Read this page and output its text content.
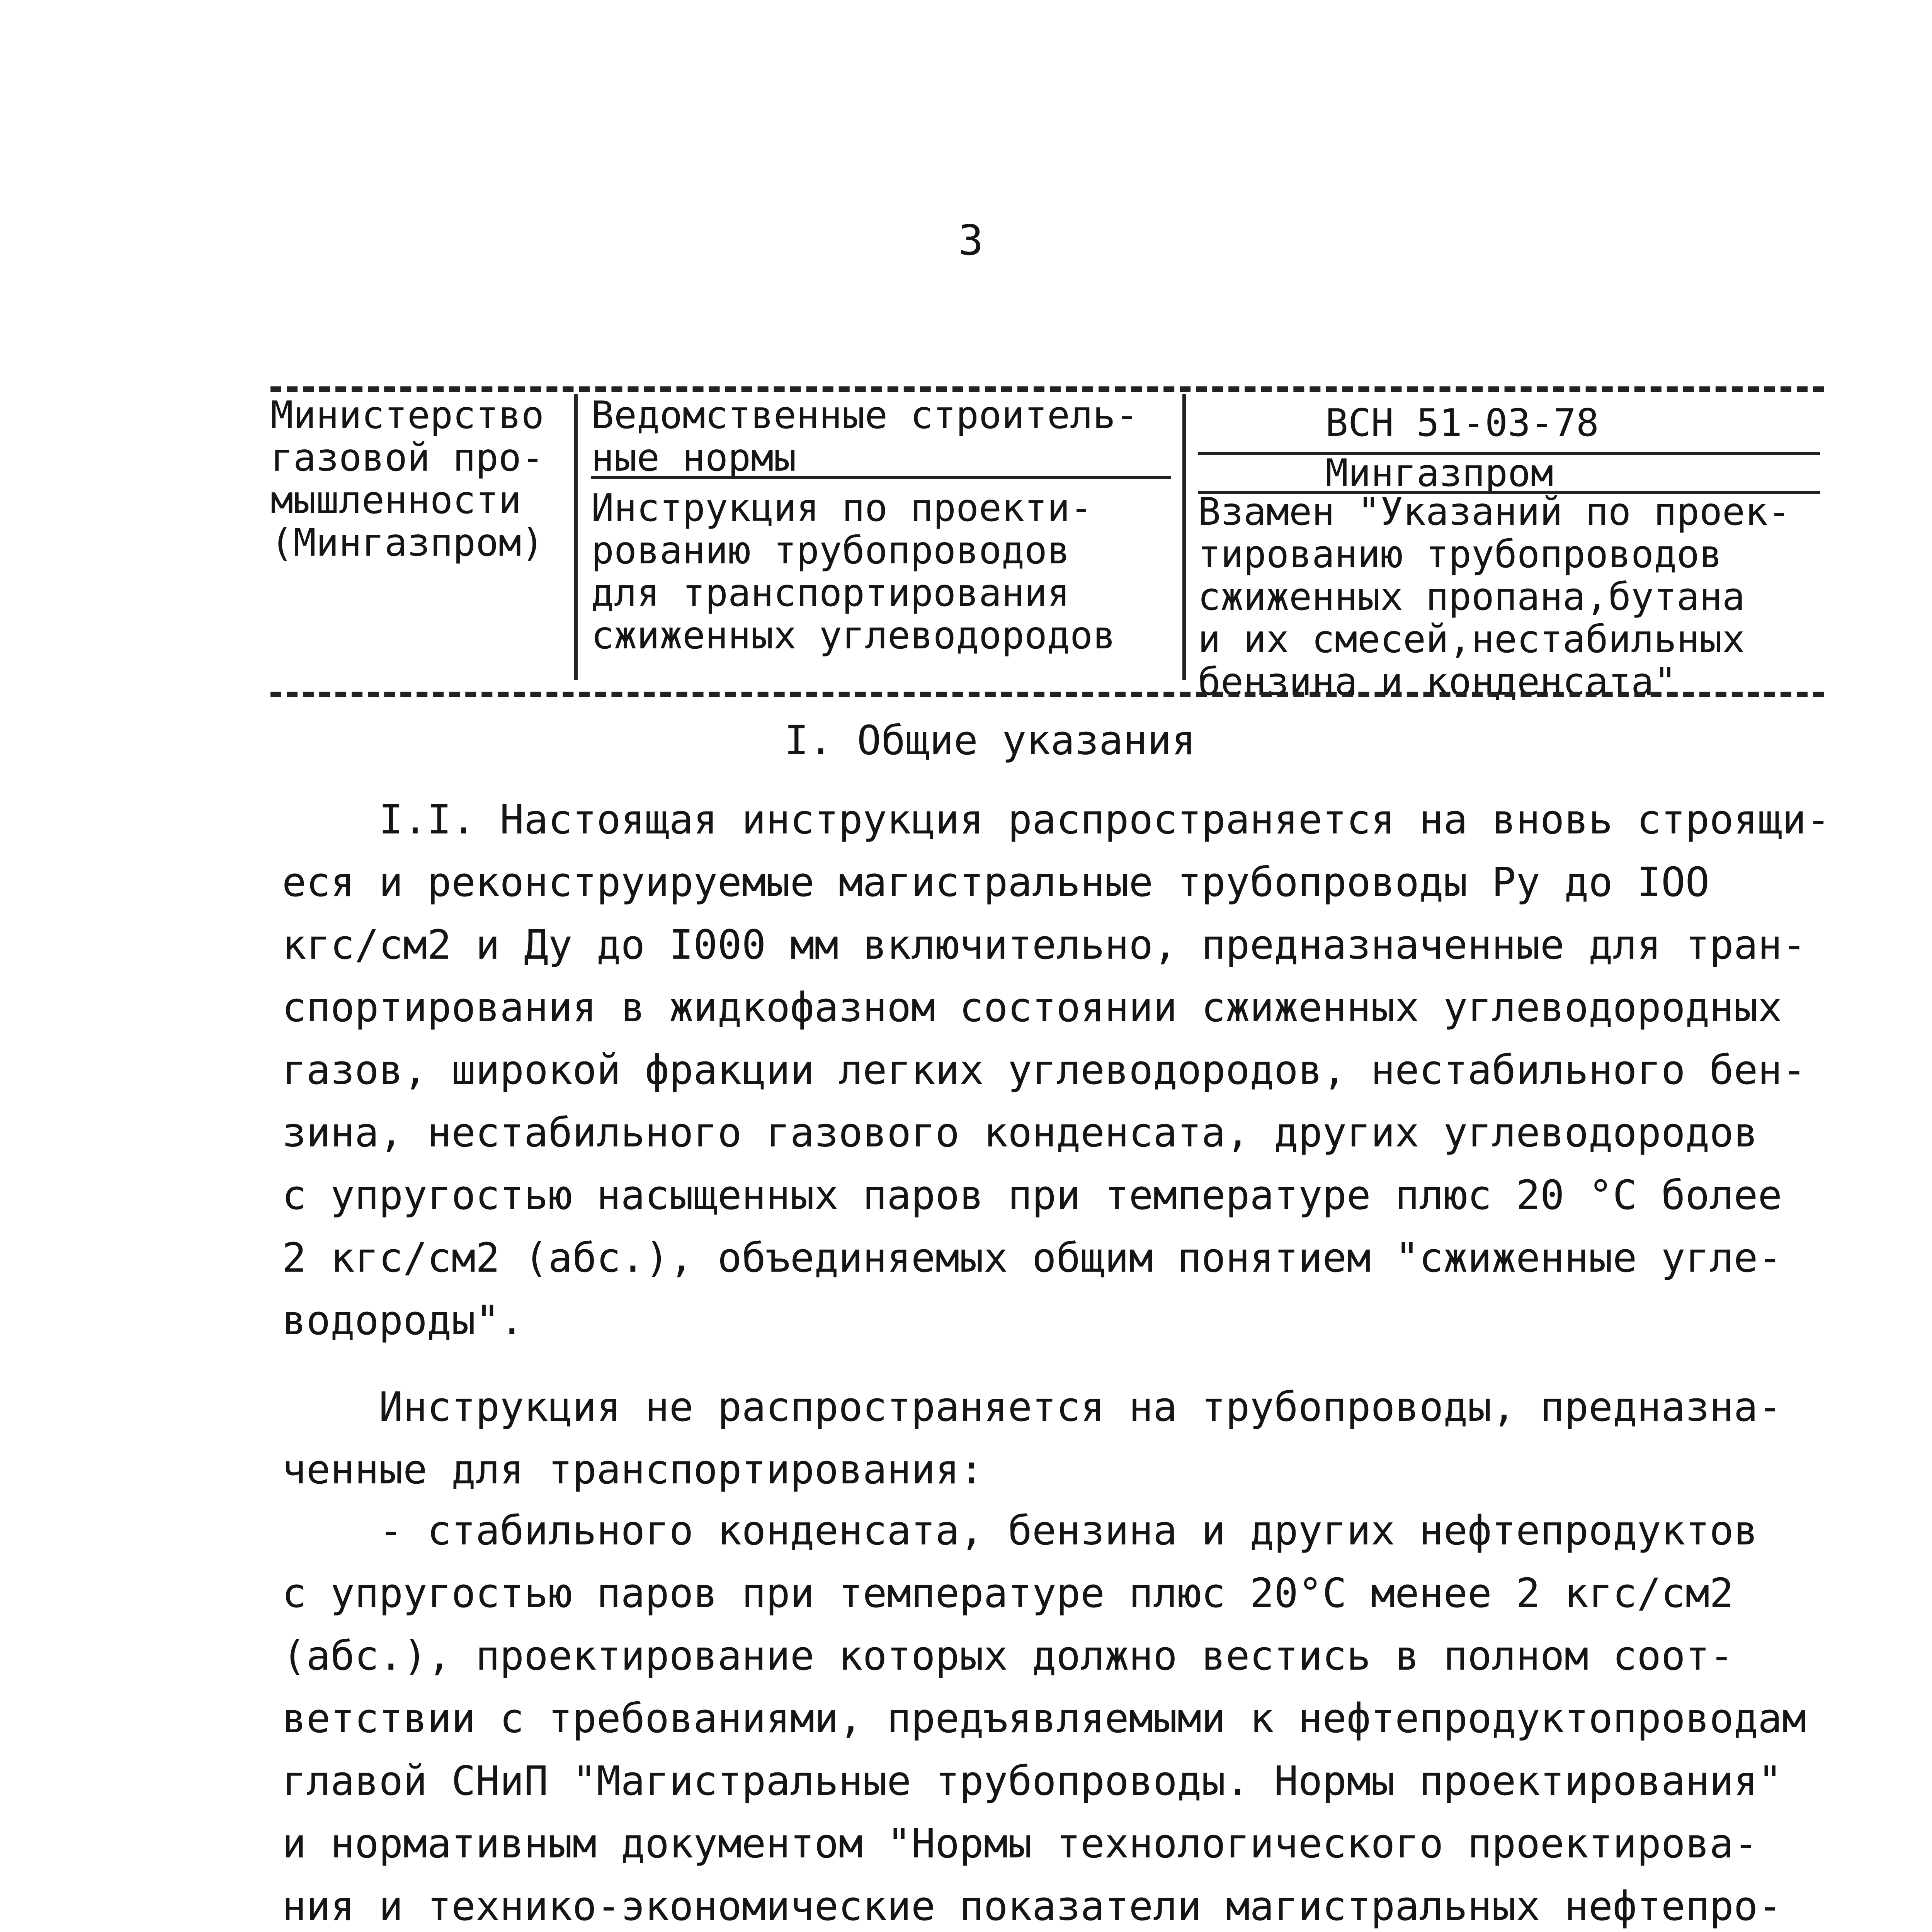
3
Министерство
газовой про-
мышленности
(Мингазпром)
Ведомственные строитель-
ные нормы
Инструкция по проекти-
рованию трубопроводов
для транспортирования
сжиженных углеводородов
ВСН 51-03-78
Мингазпром
Взамен "Указаний по проек-
тированию трубопроводов
сжиженных пропана,бутана
и их смесей,нестабильных
бензина и конденсата"
I. Общие указания

I.I. Настоящая инструкция распространяется на вновь строящи-
еся и реконструируемые магистральные трубопроводы Ру до IOO
кгс/см2 и Ду до I000 мм включительно, предназначенные для тран-
спортирования в жидкофазном состоянии сжиженных углеводородных
газов, широкой фракции легких углеводородов, нестабильного бен-
зина, нестабильного газового конденсата, других углеводородов
с упругостью насыщенных паров при температуре плюс 20 °С более
2 кгс/см2 (абс.), объединяемых общим понятием "сжиженные угле-
водороды".

Инструкция не распространяется на трубопроводы, предназна-
ченные для транспортирования:

- стабильного конденсата, бензина и других нефтепродуктов
с упругостью паров при температуре плюс 20°С менее 2 кгс/см2
(абс.), проектирование которых должно вестись в полном соот-
ветствии с требованиями, предъявляемыми к нефтепродуктопроводам
главой СНиП "Магистральные трубопроводы. Нормы проектирования"
и нормативным документом "Нормы технологического проектирова-
ния и технико-экономические показатели магистральных нефтепро-
